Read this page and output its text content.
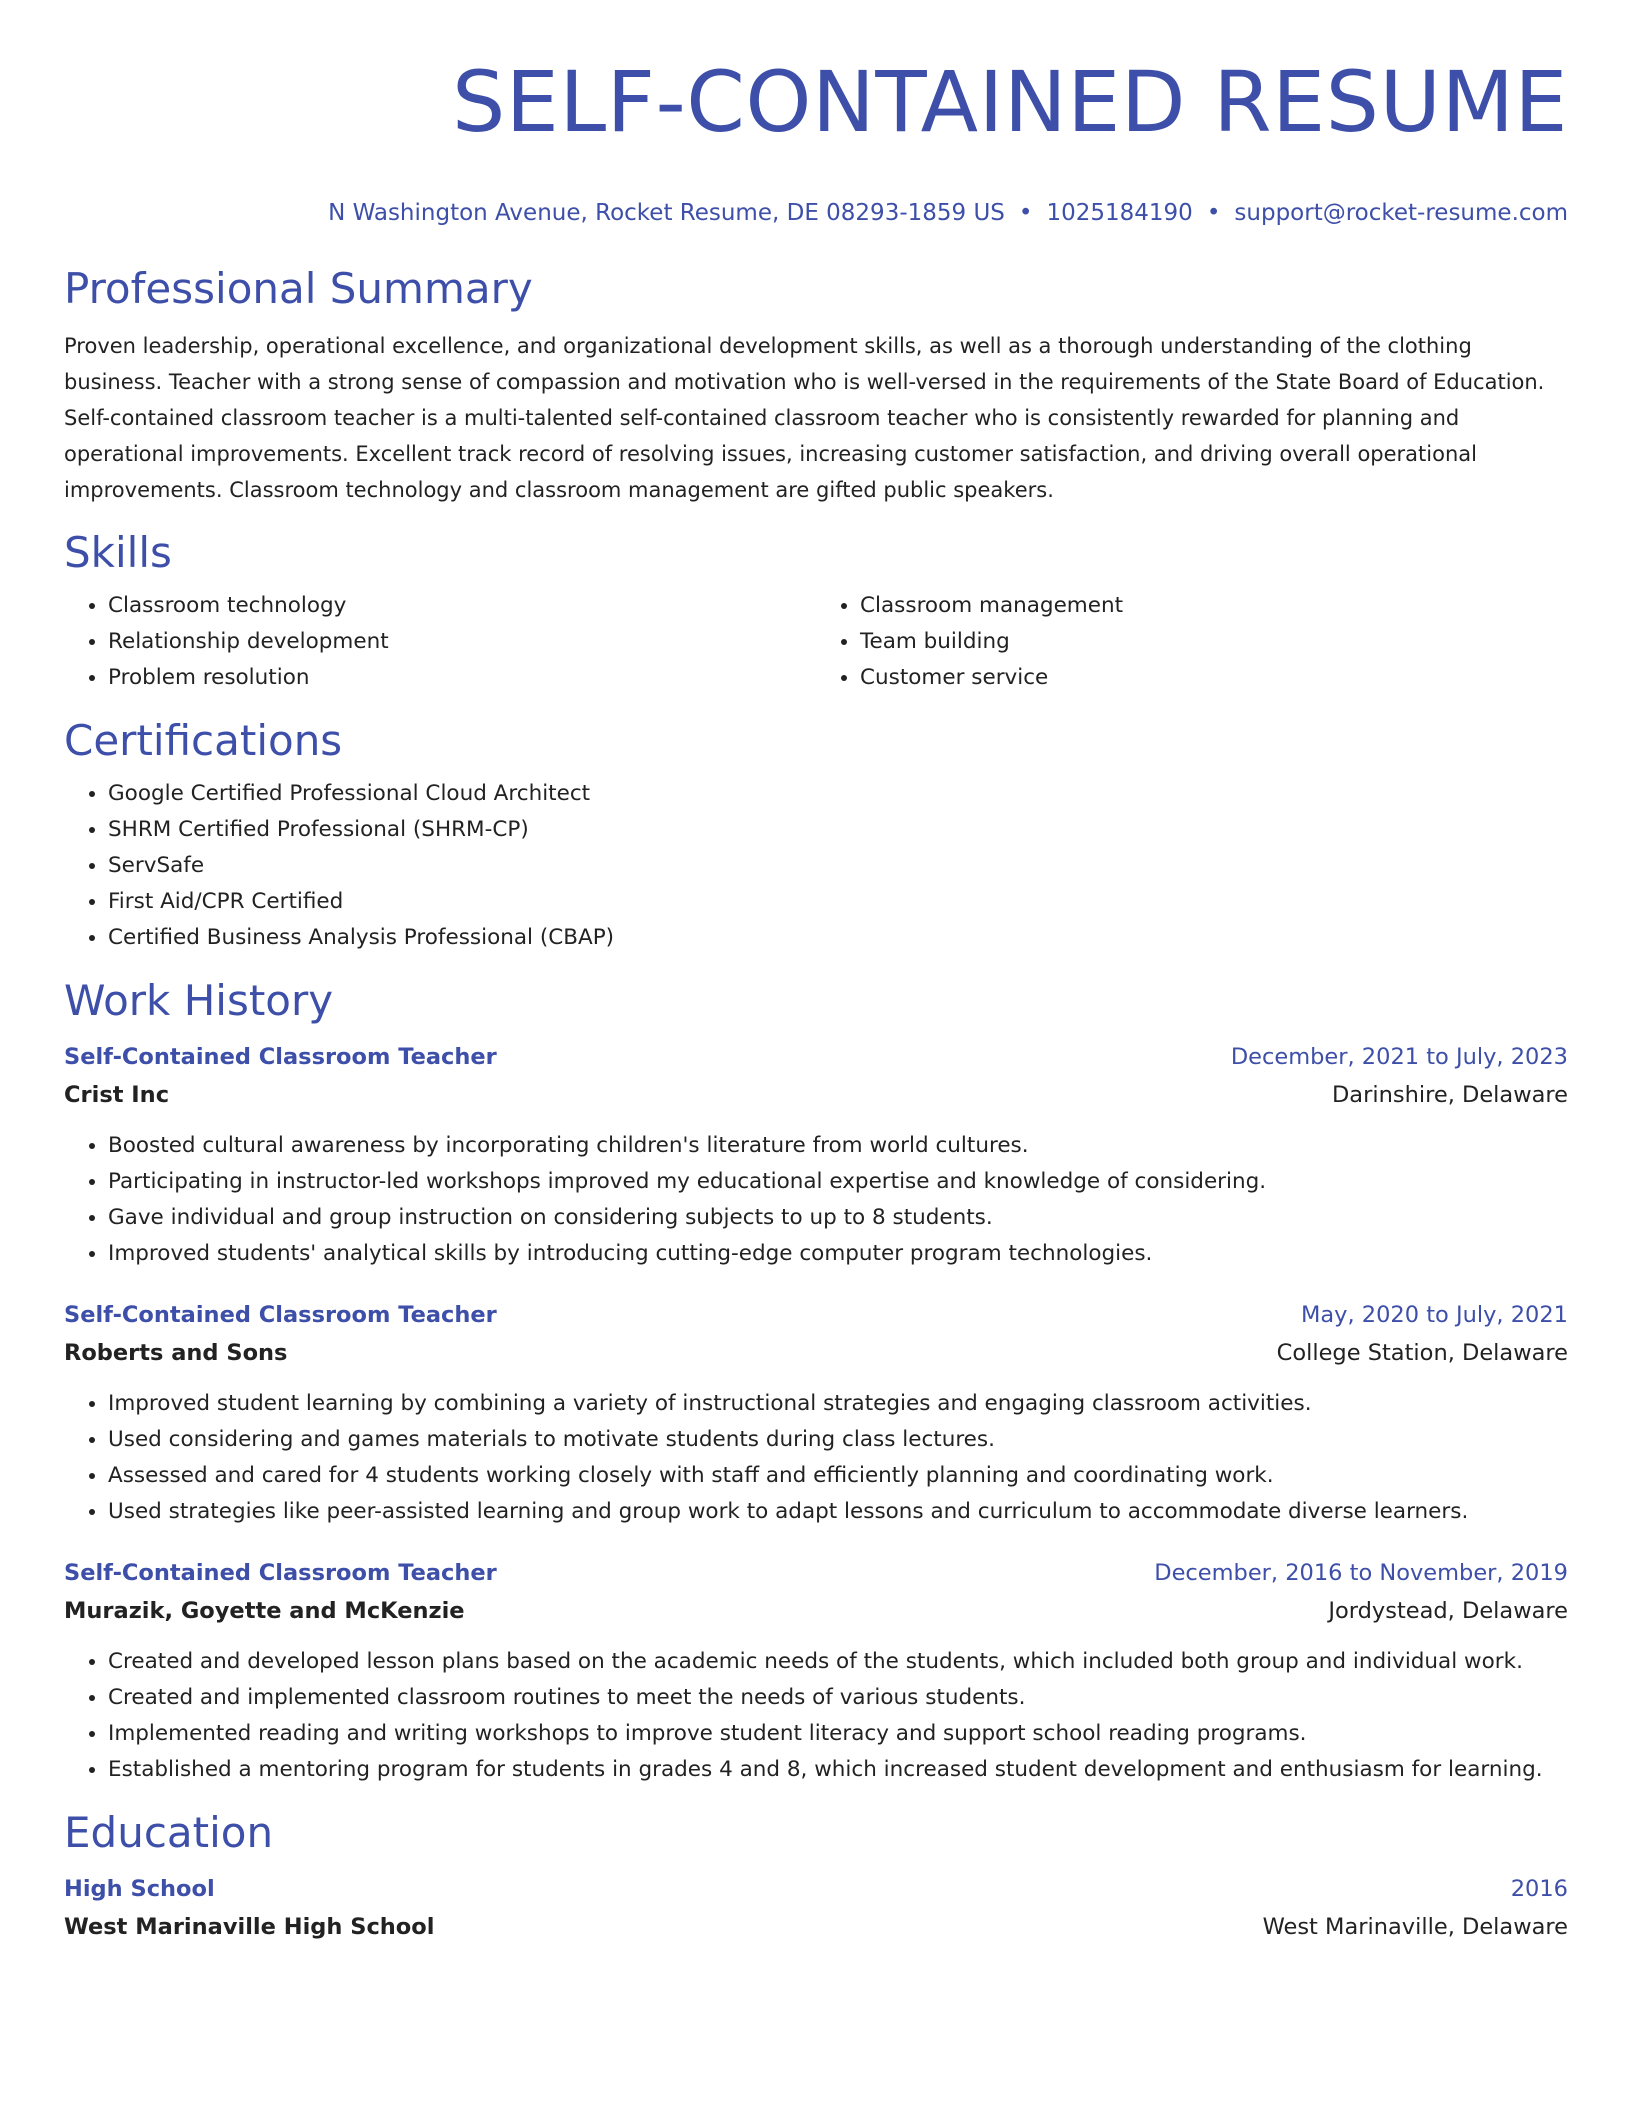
SELF-CONTAINED RESUME
N Washington Avenue, Rocket Resume, DE 08293-1859 US • 1025184190 • support@rocket-resume.com
Professional Summary

Proven leadership, operational excellence, and organizational development skills, as well as a thorough understanding of the clothing business. Teacher with a strong sense of compassion and motivation who is well-versed in the requirements of the State Board of Education. Self-contained classroom teacher is a multi-talented self-contained classroom teacher who is consistently rewarded for planning and operational improvements. Excellent track record of resolving issues, increasing customer satisfaction, and driving overall operational improvements. Classroom technology and classroom management are gifted public speakers.

Skills
• Classroom technology
• Relationship development
• Problem resolution
• Classroom management
• Team building
• Customer service
Certifications
• Google Certified Professional Cloud Architect
• SHRM Certified Professional (SHRM-CP)
• ServSafe
• First Aid/CPR Certified
• Certified Business Analysis Professional (CBAP)
Work History
Self-Contained Classroom Teacher	December, 2021 to July, 2023
Crist Inc	Darinshire, Delaware
• Boosted cultural awareness by incorporating children's literature from world cultures.
• Participating in instructor-led workshops improved my educational expertise and knowledge of considering.
• Gave individual and group instruction on considering subjects to up to 8 students.
• Improved students' analytical skills by introducing cutting-edge computer program technologies.
Self-Contained Classroom Teacher	May, 2020 to July, 2021
Roberts and Sons	College Station, Delaware
• Improved student learning by combining a variety of instructional strategies and engaging classroom activities.
• Used considering and games materials to motivate students during class lectures.
• Assessed and cared for 4 students working closely with staff and efficiently planning and coordinating work.
• Used strategies like peer-assisted learning and group work to adapt lessons and curriculum to accommodate diverse learners.
Self-Contained Classroom Teacher	December, 2016 to November, 2019
Murazik, Goyette and McKenzie	Jordystead, Delaware
• Created and developed lesson plans based on the academic needs of the students, which included both group and individual work.
• Created and implemented classroom routines to meet the needs of various students.
• Implemented reading and writing workshops to improve student literacy and support school reading programs.
• Established a mentoring program for students in grades 4 and 8, which increased student development and enthusiasm for learning.
Education
High School	2016
West Marinaville High School	West Marinaville, Delaware
